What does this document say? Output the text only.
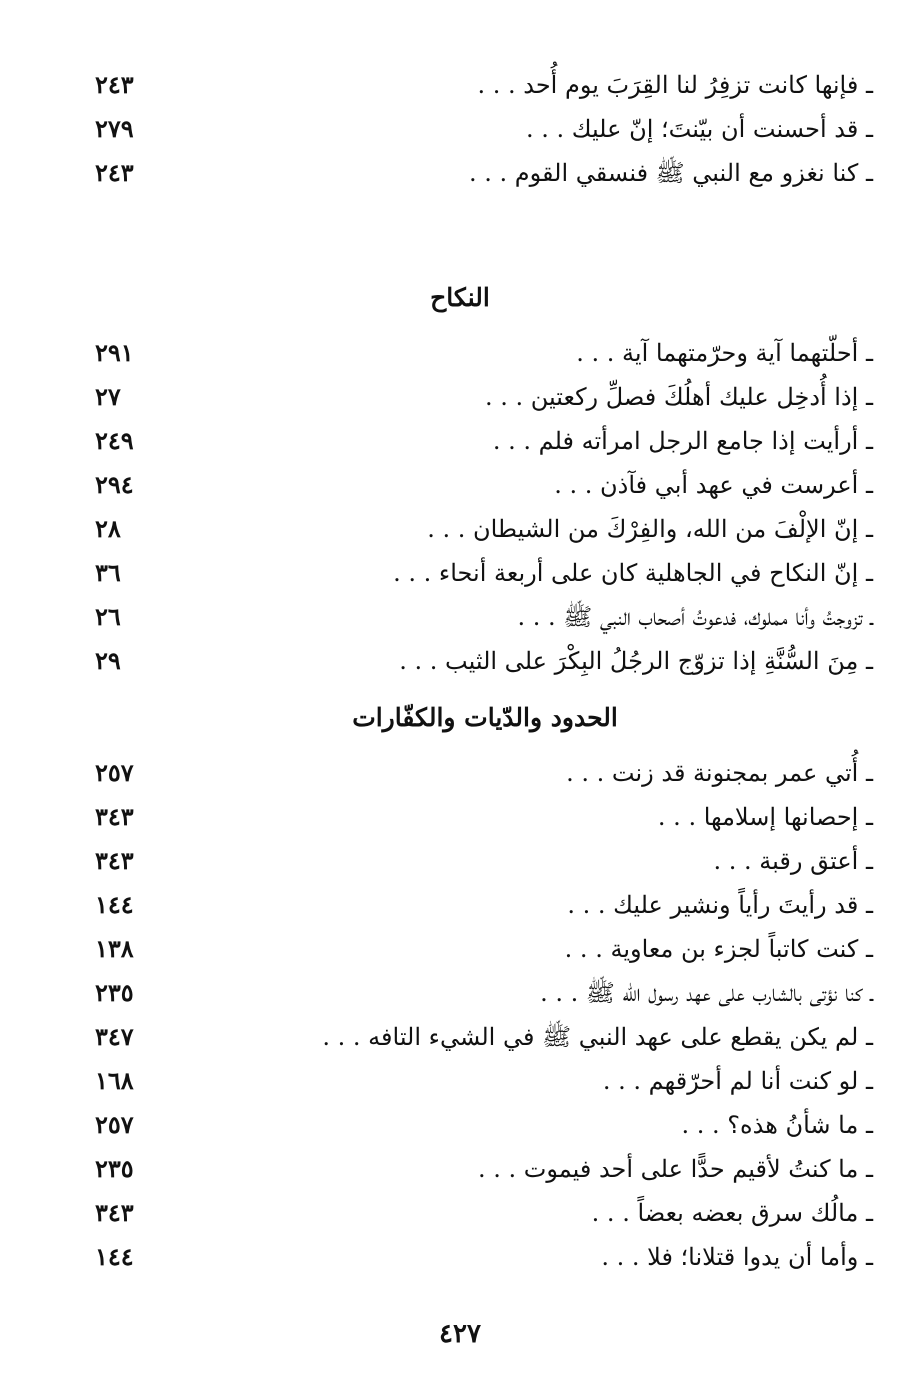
ـ فإنها كانت تزفِرُ لنا القِرَبَ يوم أُحد . . .
٢٤٣
ـ قد أحسنت أن بيّنتَ؛ إنّ عليك . . .
٢٧٩
ـ كنا نغزو مع النبي ﷺ فنسقي القوم . . .
٢٤٣
النكاح
ـ أحلّتهما آية وحرّمتهما آية . . .
٢٩١
ـ إذا أُدخِل عليك أهلُكَ فصلِّ ركعتين . . .
٢٧
ـ أرأيت إذا جامع الرجل امرأته فلم . . .
٢٤٩
ـ أعرست في عهد أبي فآذن . . .
٢٩٤
ـ إنّ الإلْفَ من الله، والفِرْكَ من الشيطان . . .
٢٨
ـ إنّ النكاح في الجاهلية كان على أربعة أنحاء . . .
٣٦
ـ تزوجتُ وأنا مملوك، فدعوتُ أصحاب النبي ﷺ . . .
٢٦
ـ مِنَ السُّنَّةِ إذا تزوّج الرجُلُ البِكْرَ على الثيب . . .
٢٩
الحدود والدّيات والكفّارات
ـ أُتي عمر بمجنونة قد زنت . . .
٢٥٧
ـ إحصانها إسلامها . . .
٣٤٣
ـ أعتق رقبة . . .
٣٤٣
ـ قد رأيتَ رأياً ونشير عليك . . .
١٤٤
ـ كنت كاتباً لجزء بن معاوية . . .
١٣٨
ـ كنا نؤتى بالشارب على عهد رسول الله ﷺ . . .
٢٣٥
ـ لم يكن يقطع على عهد النبي ﷺ في الشيء التافه . . .
٣٤٧
ـ لو كنت أنا لم أحرّقهم . . .
١٦٨
ـ ما شأنُ هذه؟ . . .
٢٥٧
ـ ما كنتُ لأقيم حدًّا على أحد فيموت . . .
٢٣٥
ـ مالُك سرق بعضه بعضاً . . .
٣٤٣
ـ وأما أن يدوا قتلانا؛ فلا . . .
١٤٤
٤٢٧
